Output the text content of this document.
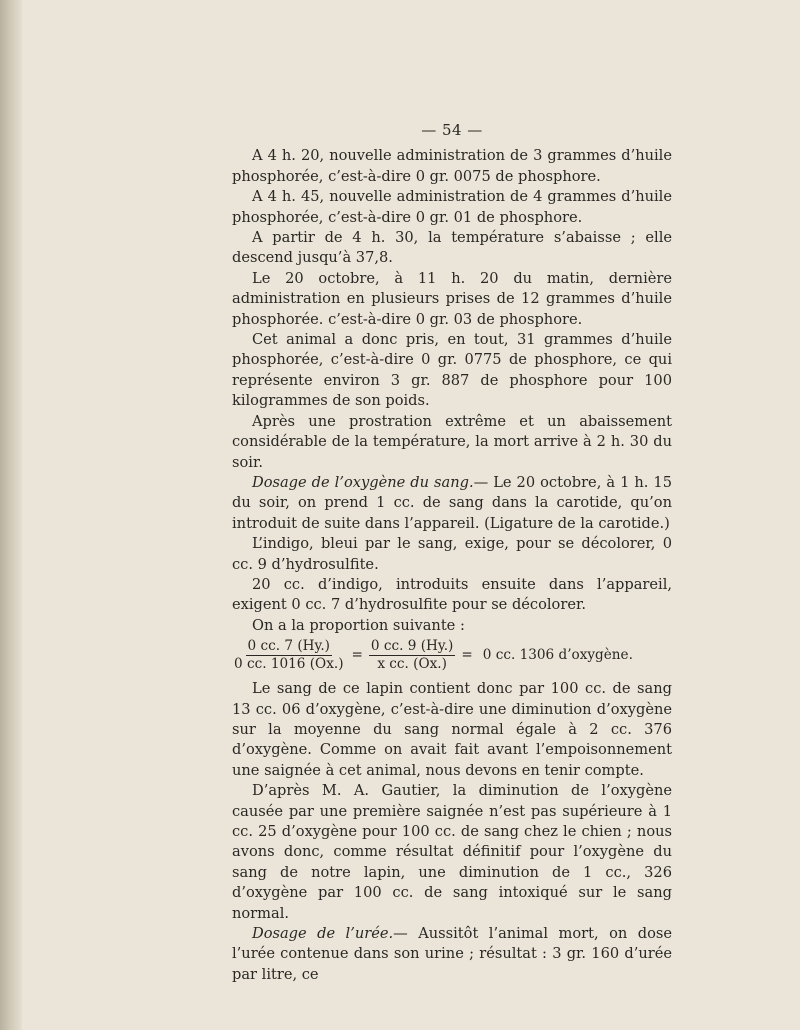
— 54 —

A 4 h. 20, nouvelle administration de 3 grammes d’huile phosphorée, c’est-à-dire 0 gr. 0075 de phosphore.

A 4 h. 45, nouvelle administration de 4 grammes d’huile phosphorée, c’est-à-dire 0 gr. 01 de phosphore.

A partir de 4 h. 30, la température s’abaisse ; elle descend jusqu’à 37,8.

Le 20 octobre, à 11 h. 20 du matin, dernière administration en plusieurs prises de 12 grammes d’huile phosphorée. c’est-à-dire 0 gr. 03 de phosphore.

Cet animal a donc pris, en tout, 31 grammes d’huile phosphorée, c’est-à-dire 0 gr. 0775 de phosphore, ce qui représente environ 3 gr. 887 de phosphore pour 100 kilogrammes de son poids.

Après une prostration extrême et un abaissement considérable de la température, la mort arrive à 2 h. 30 du soir.

Dosage de l’oxygène du sang.— Le 20 octobre, à 1 h. 15 du soir, on prend 1 cc. de sang dans la carotide, qu’on introduit de suite dans l’appareil. (Ligature de la carotide.)

L’indigo, bleui par le sang, exige, pour se décolorer, 0 cc. 9 d’hydrosulfite.

20 cc. d’indigo, introduits ensuite dans l’appareil, exigent 0 cc. 7 d’hydrosulfite pour se décolorer.

On a la proportion suivante :

$\frac{0 cc. 7 (Hy.)}{0 cc. 1016 (Ox.)} = \frac{0 cc. 9 (Hy.)}{\text{x cc. (Ox.)}} = 0$ cc. 1306 d’oxygène.

Le sang de ce lapin contient donc par 100 cc. de sang 13 cc. 06 d’oxygène, c’est-à-dire une diminution d’oxygène sur la moyenne du sang normal égale à 2 cc. 376 d’oxygène. Comme on avait fait avant l’empoisonnement une saignée à cet animal, nous devons en tenir compte.

D’après M. A. Gautier, la diminution de l’oxygène causée par une première saignée n’est pas supérieure à 1 cc. 25 d’oxygène pour 100 cc. de sang chez le chien ; nous avons donc, comme résultat définitif pour l’oxygène du sang de notre lapin, une diminution de 1 cc., 326 d’oxygène par 100 cc. de sang intoxiqué sur le sang normal.

Dosage de l’urée.— Aussitôt l’animal mort, on dose l’urée contenue dans son urine ; résultat : 3 gr. 160 d’urée par litre, ce
